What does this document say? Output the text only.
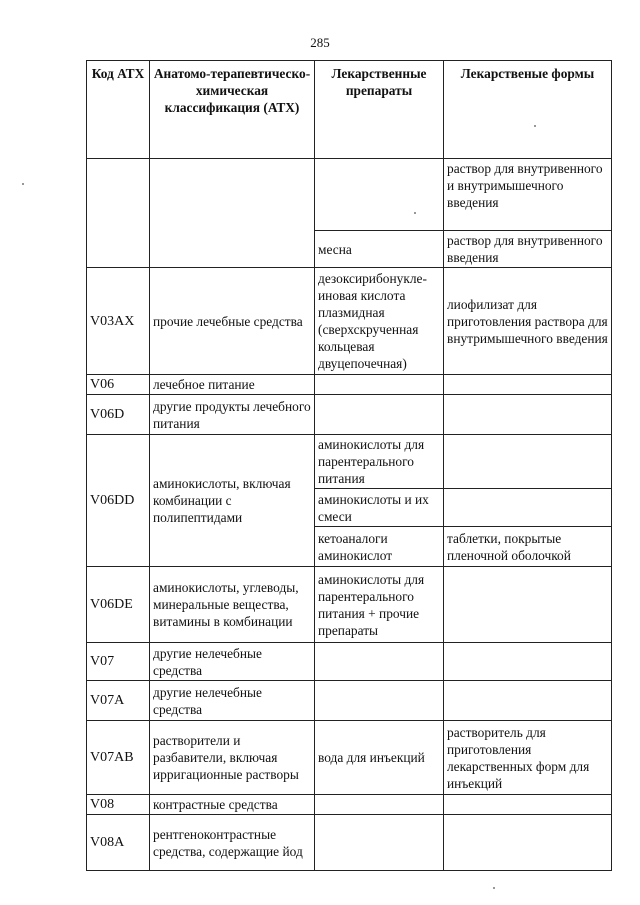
285
Код АТХ	Анатомо-терапевтическо-химическая классификация (АТХ)	Лекарственные препараты	Лекарственые формы
			раствор для внутривенного и внутримышечного введения
		месна	раствор для внутривенного введения
V03AX	прочие лечебные средства	дезоксирибонукле-иновая кислота плазмидная (сверхскрученная кольцевая двуцепочечная)	лиофилизат для приготовления раствора для внутримышечного введения
V06	лечебное питание		
V06D	другие продукты лечебного питания		
V06DD	аминокислоты, включая комбинации с полипептидами	аминокислоты для парентерального питания	
		аминокислоты и их смеси	
		кетоаналоги аминокислот	таблетки, покрытые пленочной оболочкой
V06DE	аминокислоты, углеводы, минеральные вещества, витамины в комбинации	аминокислоты для парентерального питания + прочие препараты	
V07	другие нелечебные средства		
V07A	другие нелечебные средства		
V07AB	растворители и разбавители, включая ирригационные растворы	вода для инъекций	растворитель для приготовления лекарственных форм для инъекций
V08	контрастные средства		
V08A	рентгеноконтрастные средства, содержащие йод		
